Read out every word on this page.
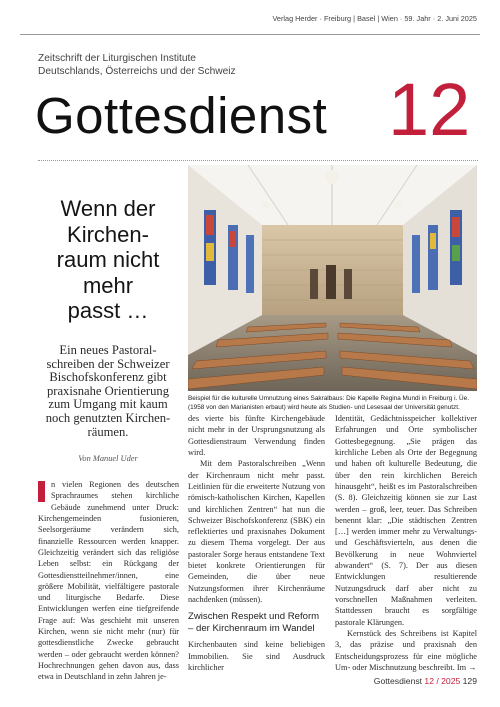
Verlag Herder · Freiburg | Basel | Wien · 59. Jahr · 2. Juni 2025
Zeitschrift der Liturgischen Institute
Deutschlands, Österreichs und der Schweiz
Gottesdienst 12
Wenn der
Kirchen-
raum nicht
mehr
passt …
Ein neues Pastoral-schreiben der Schweizer Bischofskonferenz gibt praxisnahe Orientierung zum Umgang mit kaum noch genutzten Kirchen-räumen.
Von Manuel Uder

n vielen Regionen des deutschen Sprachraumes stehen kirchliche Gebäude zunehmend unter Druck: Kirchengemeinden fusionieren, Seelsorgeräume verändern sich, finanzielle Ressourcen werden knapper. Gleichzeitig verändert sich das religiöse Leben selbst: ein Rückgang der Gottesdienstteilnehmer/innen, eine größere Mobilität, vielfältigere pastorale und liturgische Bedarfe. Diese Entwicklungen werfen eine tiefgreifende Frage auf: Was geschieht mit unseren Kirchen, wenn sie nicht mehr (nur) für gottesdienstliche Zwecke gebraucht werden – oder gebraucht werden können? Hochrechnungen gehen davon aus, dass etwa in Deutschland in zehn Jahren je-

Beispiel für die kulturelle Umnutzung eines Sakralbaus: Die Kapelle Regina Mundi in Freiburg i. Üe. (1958 von den Marianisten erbaut) wird heute als Studien- und Lesesaal der Universität genutzt.

des vierte bis fünfte Kirchengebäude nicht mehr in der Ursprungsnutzung als Gottesdienstraum Verwendung finden wird.

Mit dem Pastoralschreiben „Wenn der Kirchenraum nicht mehr passt. Leitlinien für die erweiterte Nutzung von römisch-katholischen Kirchen, Kapellen und kirchlichen Zentren“ hat nun die Schweizer Bischofskonferenz (SBK) ein reflektiertes und praxisnahes Dokument zu diesem Thema vorgelegt. Der aus pastoraler Sorge heraus entstandene Text bietet konkrete Orientierungen für Gemeinden, die über neue Nutzungsformen ihrer Kirchenräume nachdenken (müssen).

Zwischen Respekt und Reform – der Kirchenraum im Wandel

Kirchenbauten sind keine beliebigen Immobilien. Sie sind Ausdruck kirchlicher

Identität, Gedächtnisspeicher kollektiver Erfahrungen und Orte symbolischer Gottesbegegnung. „Sie prägen das kirchliche Leben als Orte der Begegnung und haben oft kulturelle Bedeutung, die über den rein kirchlichen Bereich hinausgeht“, heißt es im Pastoralschreiben (S. 8). Gleichzeitig können sie zur Last werden – groß, leer, teuer. Das Schreiben benennt klar: „Die städtischen Zentren […] werden immer mehr zu Verwaltungs- und Geschäftsvierteln, aus denen die Bevölkerung in neue Wohnviertel abwandert“ (S. 7). Der aus diesen Entwicklungen resultierende Nutzungsdruck darf aber nicht zu vorschnellen Maßnahmen verleiten. Stattdessen braucht es sorgfältige pastorale Klärungen.

Kernstück des Schreibens ist Kapitel 3, das präzise und praxisnah den Entscheidungsprozess für eine mögliche Um- oder Mischnutzung beschreibt. Im →

Gottesdienst 12 / 2025 129
